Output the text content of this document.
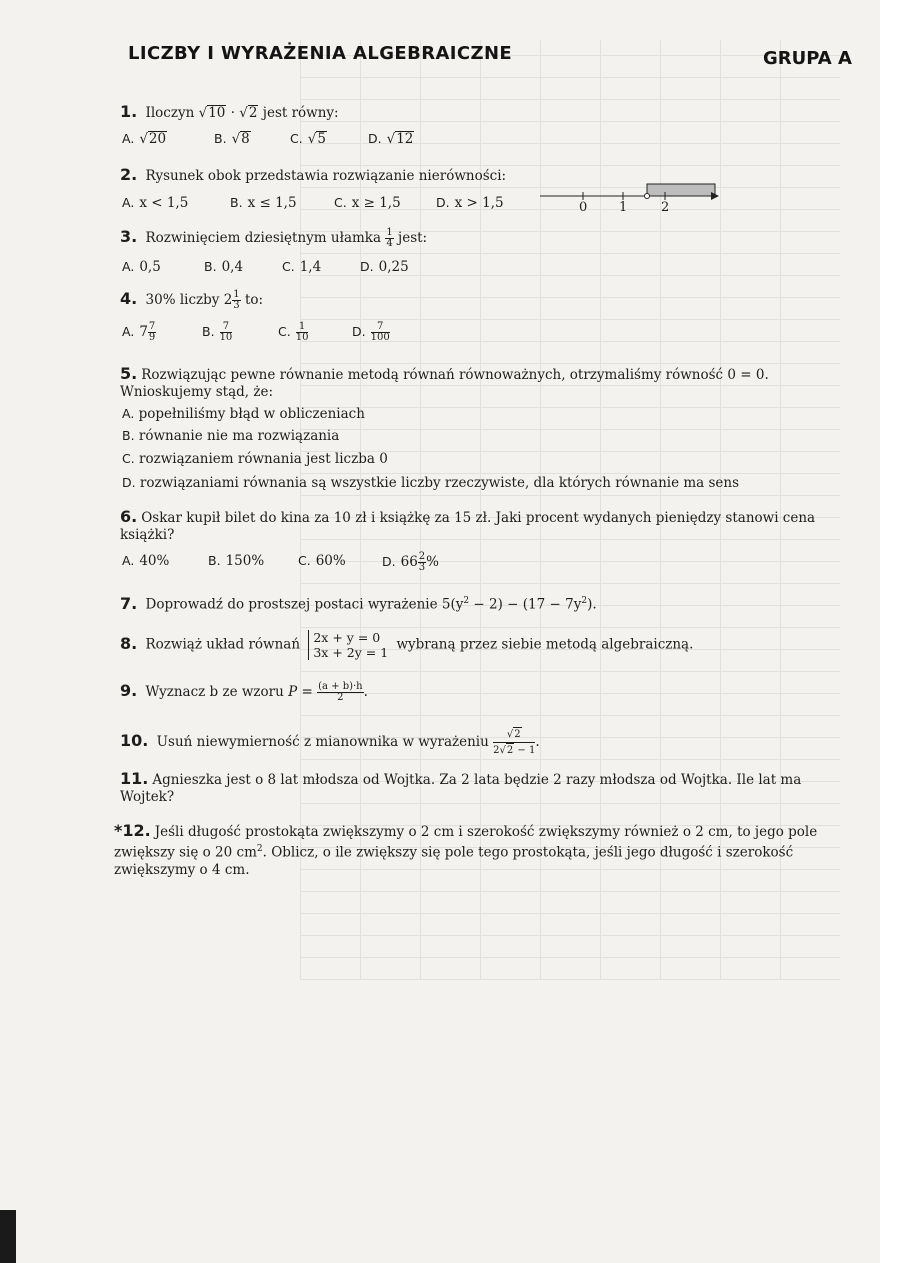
LICZBY I WYRAŻENIA ALGEBRAICZNE	GRUPA A
1. Iloczyn √10 · √2 jest równy:
A. √20	B. √8	C. √5	D. √12
2. Rysunek obok przedstawia rozwiązanie nierówności:
A. x < 1,5	B. x ≤ 1,5	C. x ≥ 1,5	D. x > 1,5	0 1	2
3. Rozwinięciem dziesiętnym ułamka $\frac{1}{4}$ jest:
A. 0,5	B. 0,4	C. 1,4	D. 0,25
4. 30% liczby $2 \frac{1}{3}$ to:
A. $7 \frac{7}{9}$	B. $\frac{7}{10}$	C. $\frac{1}{10}$	D. $\frac{7}{100}$
5. Rozwiązując pewne równanie metodą równań równoważnych, otrzymaliśmy równość 0 = 0. Wnioskujemy stąd, że:
A. popełniliśmy błąd w obliczeniach
B. równanie nie ma rozwiązania
C. rozwiązaniem równania jest liczba 0
D. rozwiązaniami równania są wszystkie liczby rzeczywiste, dla których równanie ma sens
6. Oskar kupił bilet do kina za 10 zł i książkę za 15 zł. Jaki procent wydanych pieniędzy stanowi cena książki?
A. 40%	B. 150%	C. 60%	D. $66 \frac{2}{3}$ %
7. Doprowadź do prostszej postaci wyrażenie $5(y^2 - 2) - (17 - 7y^2)$.
8. Rozwiąż układ równań 2x + y = 0
3x + 2y = 1 wybraną przez siebie metodą algebraiczną.
9. Wyznacz b ze wzoru $P = \frac{(a + b)\cdot h}{2}$ .
10. Usuń niewymierność z mianownika w wyrażeniu $\frac{√2}{2√2 - 1}$ .
11. Agnieszka jest o 8 lat młodsza od Wojtka. Za 2 lata będzie 2 razy młodsza od Wojtka. Ile lat ma Wojtek?
*12. Jeśli długość prostokąta zwiększymy o 2 cm i szerokość zwiększymy również o 2 cm, to jego pole zwiększy się o 20 $cm^2$. Oblicz, o ile zwiększy się pole tego prostokąta, jeśli jego długość i szerokość zwiększymy o 4 cm.
